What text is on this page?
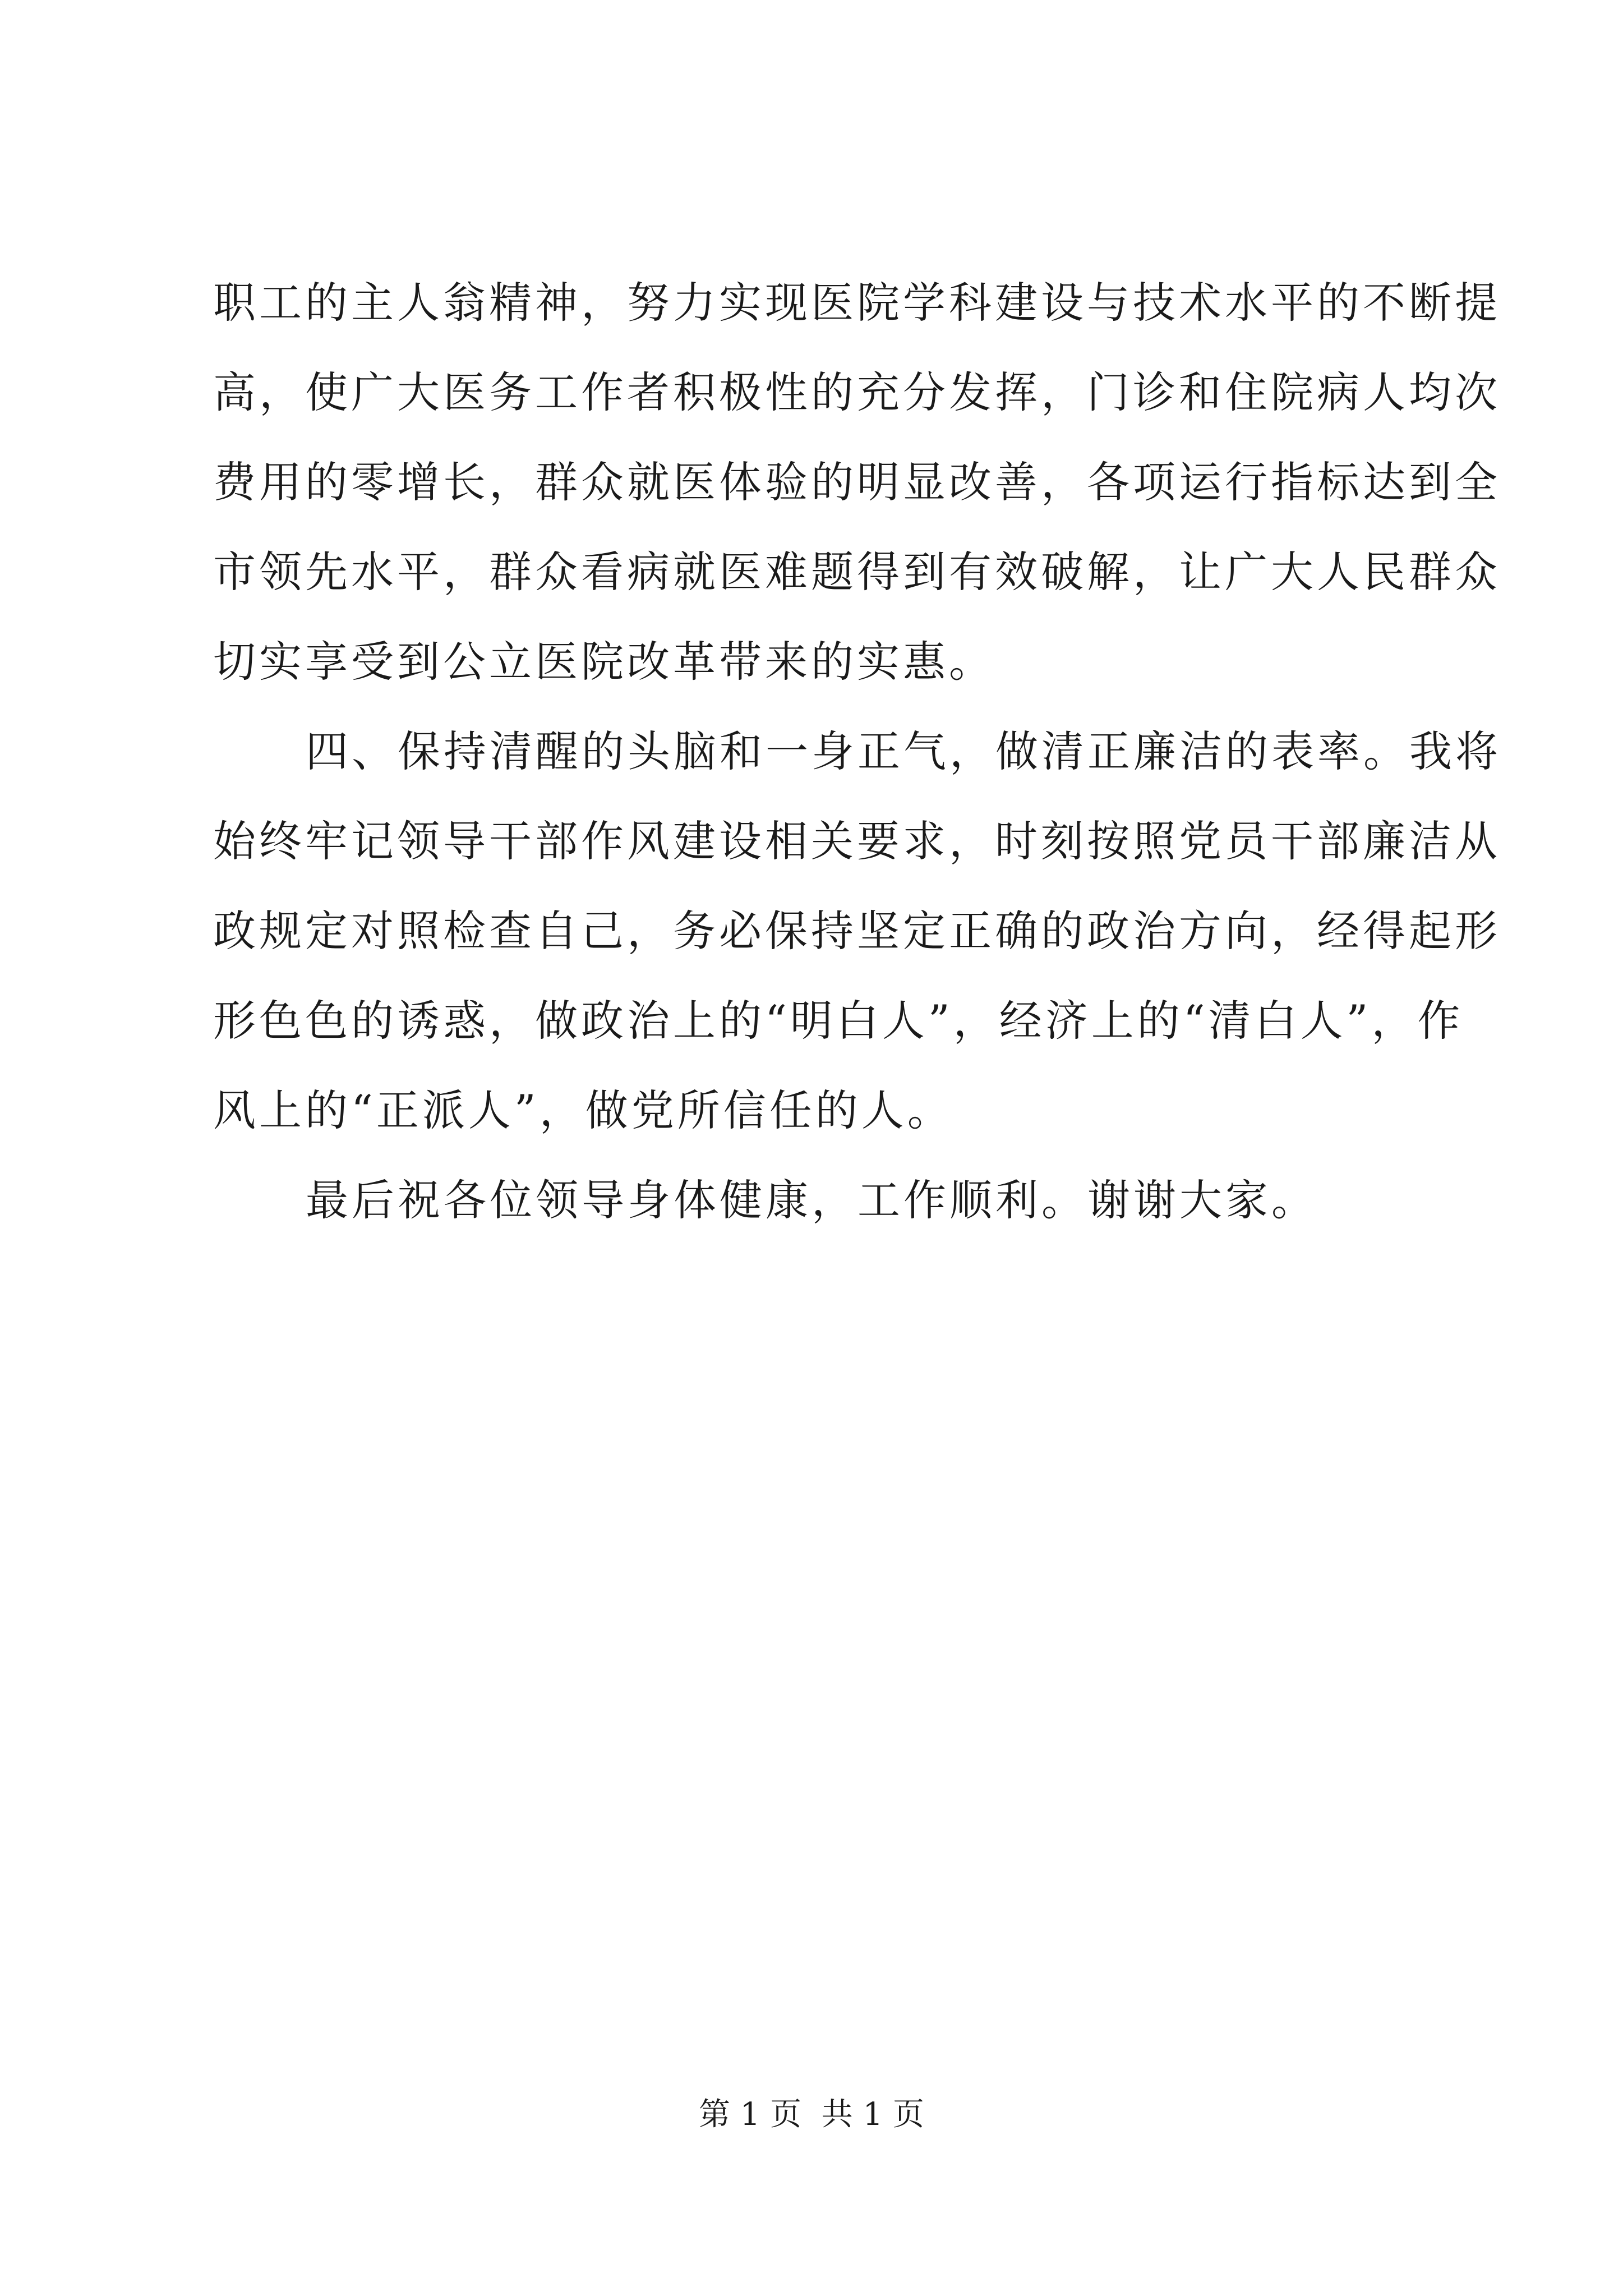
职工的主人翁精神，努力实现医院学科建设与技术水平的不断提
高，使广大医务工作者积极性的充分发挥，门诊和住院病人均次
费用的零增长，群众就医体验的明显改善，各项运行指标达到全
市领先水平，群众看病就医难题得到有效破解，让广大人民群众
切实享受到公立医院改革带来的实惠。
四、保持清醒的头脑和一身正气，做清正廉洁的表率。我将
始终牢记领导干部作风建设相关要求，时刻按照党员干部廉洁从
政规定对照检查自己，务必保持坚定正确的政治方向，经得起形
形色色的诱惑，做政治上的“明白人”，经济上的“清白人”，作
风上的“正派人”，做党所信任的人。
最后祝各位领导身体健康，工作顺利。谢谢大家。
第 1 页  共 1 页
